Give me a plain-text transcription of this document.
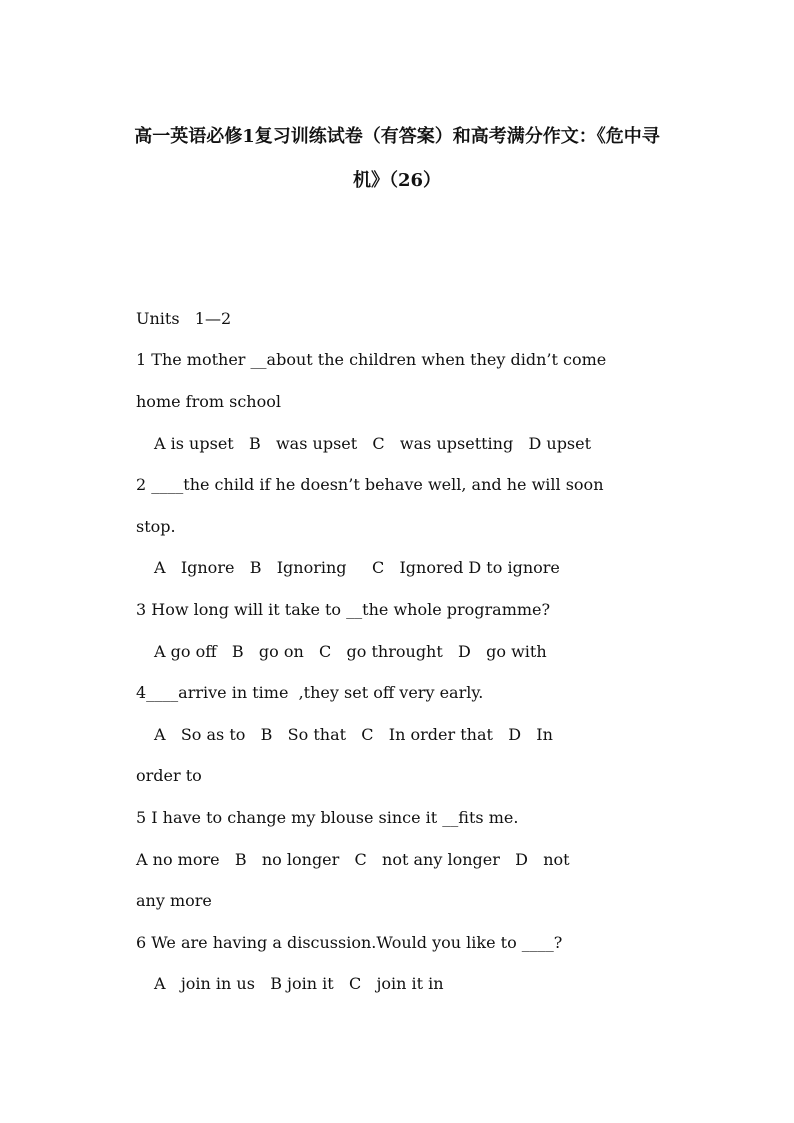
高一英语必修1复习训练试卷（有答案）和高考满分作文：《危中寻
机》（26）

Units   1—2

1 The mother __about the children when they didn’t come

home from school

A is upset   B   was upset   C   was upsetting   D upset

2 ____the child if he doesn’t behave well, and he will soon

stop.

A   Ignore   B   Ignoring     C   Ignored D to ignore

3 How long will it take to __the whole programme?

A go off   B   go on   C   go throught   D   go with

4____arrive in time  ,they set off very early.

A   So as to   B   So that   C   In order that   D   In

order to

5 I have to change my blouse since it __fits me.

A no more   B   no longer   C   not any longer   D   not

any more

6 We are having a discussion.Would you like to ____?

A   join in us   B join it   C   join it in
